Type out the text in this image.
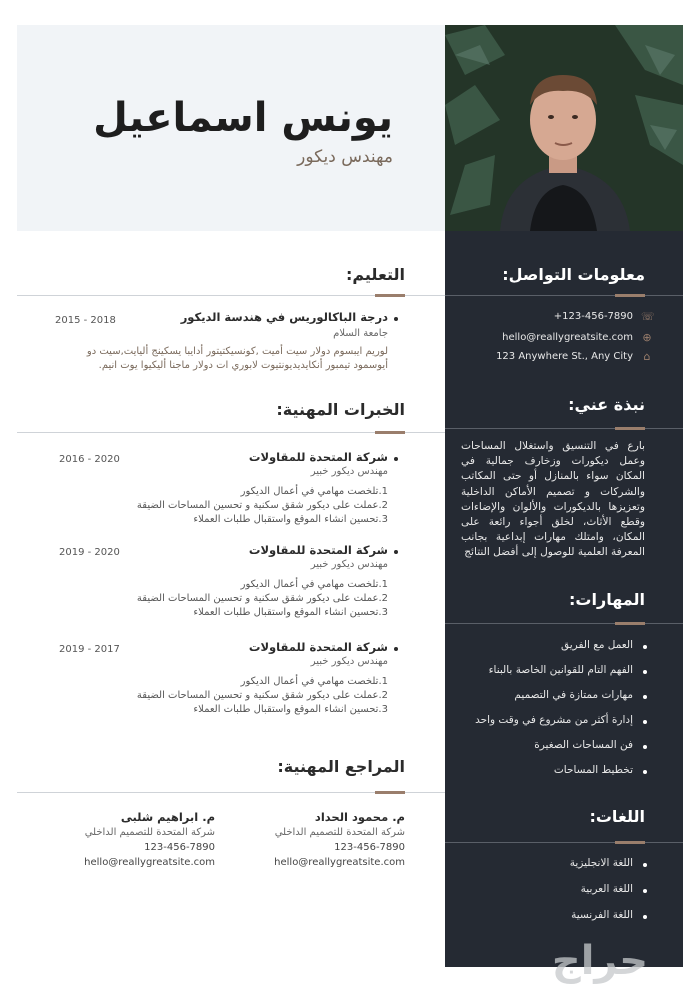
يونس اسماعيل
مهندس ديكور
معلومات التواصل:
☏
+123-456-7890
⊕
hello@reallygreatsite.com
⌂
123 Anywhere St., Any City
نبذة عني:
بارع في التنسيق واستغلال المساحات وعمل ديكورات وزخارف جمالية في المكان سواء بالمنازل أو حتى المكاتب والشركات و تصميم الأماكن الداخلية وتعزيزها بالديكورات والألوان والإضاءات وقطع الأثاث، لخلق أجواء رائعة على المكان، وامتلك مهارات إبداعية بجانب المعرفة العلمية للوصول إلى أفضل النتائج
المهارات:
اللغات:
التعليم:
درجة الباكالوريس في هندسة الديكور
2015 - 2018
جامعة السلام
لوريم ايبسوم دولار سيت أميت ,كونسيكتيتور أدايبا يسكينج أليايت,سيت دو أيوسمود تيمبور أنكايديديونتيوت لابوري ات دولار ماجنا أليكيوا يوت انيم.
الخبرات المهنية:
المراجع المهنية:
العمل مع الفريق
الفهم التام للقوانين الخاصة بالبناء
مهارات ممتازة في التصميم
إدارة أكثر من مشروع في وقت واحد
فن المساحات الصغيرة
تخطيط المساحات
اللغة الانجليزية
اللغة العربية
اللغة الفرنسية
شركة المتحدة للمقاولات
2016 - 2020
مهندس ديكور خبير
1.تلخصت مهامي في أعمال الديكور
2.عملت على ديكور شقق سكنية و تحسين المساحات الضيقة
3.تحسين انشاء الموقع واستقبال طلبات العملاء
شركة المتحدة للمقاولات
2019 - 2020
مهندس ديكور خبير
1.تلخصت مهامي في أعمال الديكور
2.عملت على ديكور شقق سكنية و تحسين المساحات الضيقة
3.تحسين انشاء الموقع واستقبال طلبات العملاء
شركة المتحدة للمقاولات
2019 - 2017
مهندس ديكور خبير
1.تلخصت مهامي في أعمال الديكور
2.عملت على ديكور شقق سكنية و تحسين المساحات الضيقة
3.تحسين انشاء الموقع واستقبال طلبات العملاء
م. محمود الحداد
شركة المتحدة للتصميم الداخلي
123-456-7890
hello@reallygreatsite.com
م. ابراهيم شلبى
شركة المتحدة للتصميم الداخلي
123-456-7890
hello@reallygreatsite.com
حراج
